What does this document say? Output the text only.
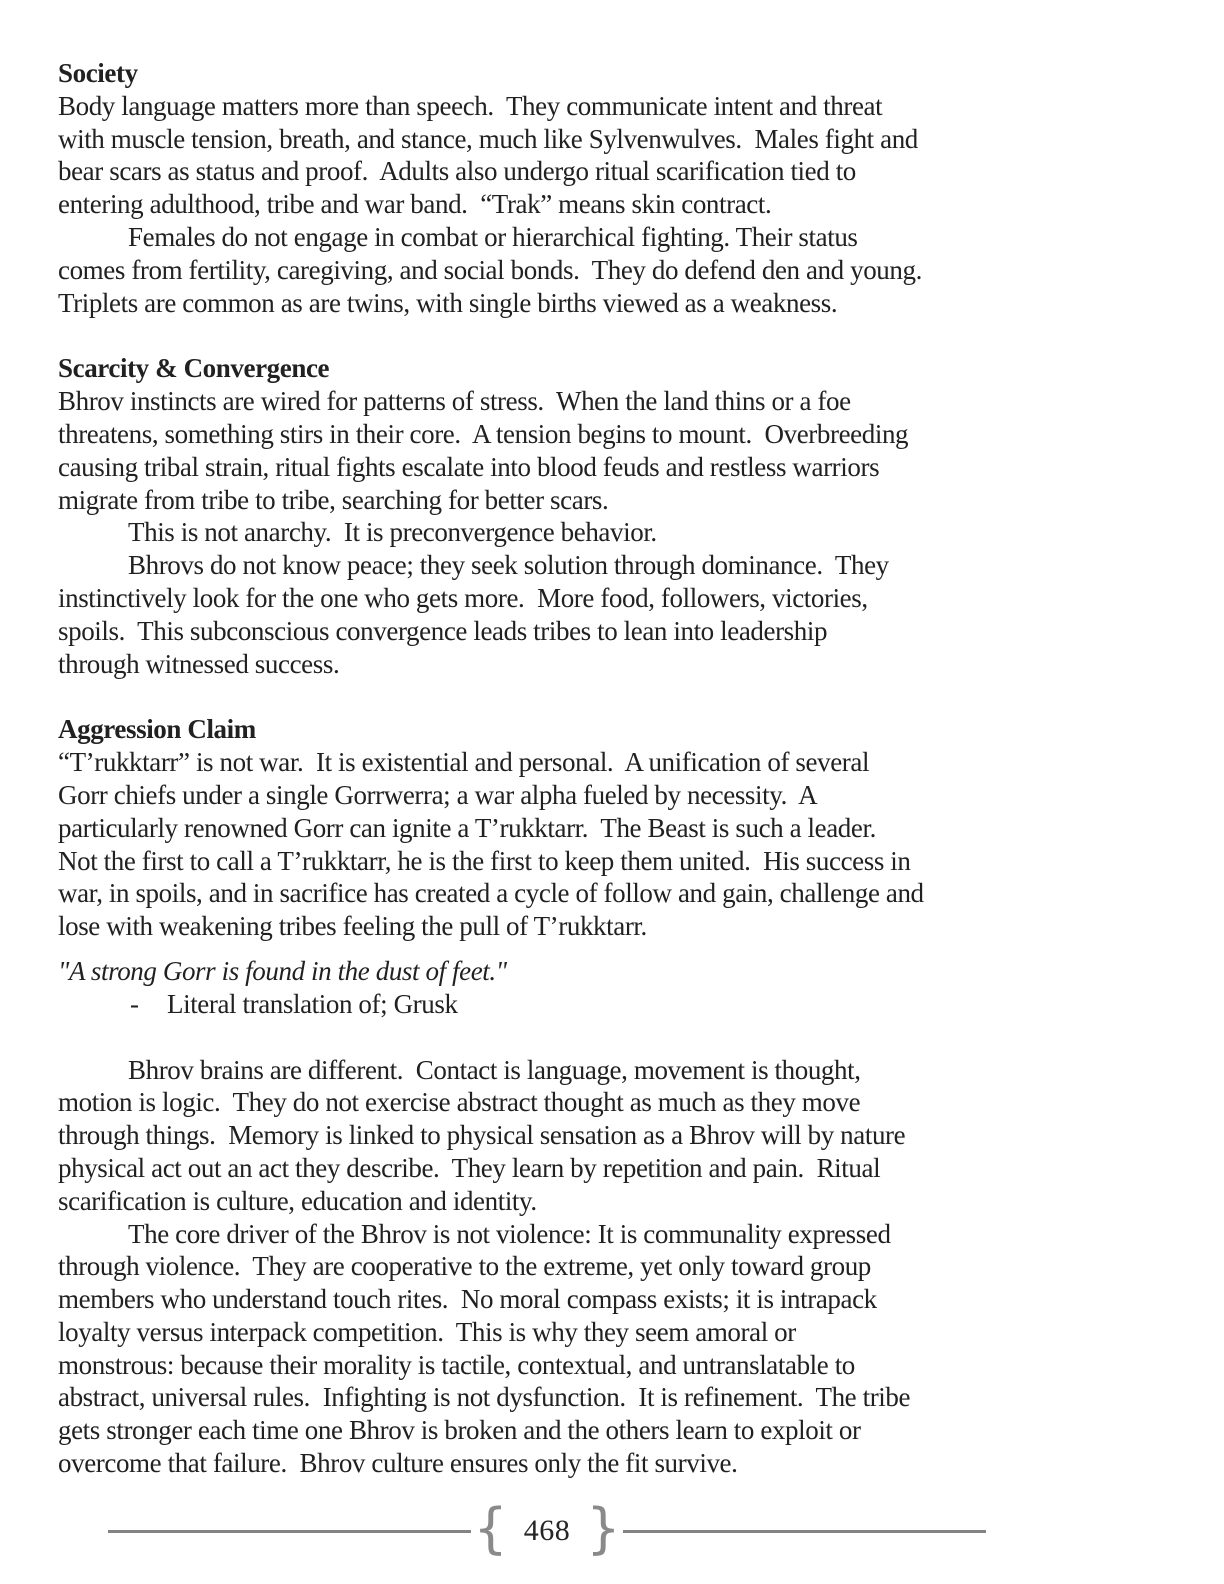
Society
Body language matters more than speech.  They communicate intent and threat
with muscle tension, breath, and stance, much like Sylvenwulves.  Males fight and
bear scars as status and proof.  Adults also undergo ritual scarification tied to
entering adulthood, tribe and war band.  “Trak” means skin contract.
Females do not engage in combat or hierarchical fighting. Their status
comes from fertility, caregiving, and social bonds.  They do defend den and young.
Triplets are common as are twins, with single births viewed as a weakness.
Scarcity & Convergence
Bhrov instincts are wired for patterns of stress.  When the land thins or a foe
threatens, something stirs in their core.  A tension begins to mount.  Overbreeding
causing tribal strain, ritual fights escalate into blood feuds and restless warriors
migrate from tribe to tribe, searching for better scars.
This is not anarchy.  It is preconvergence behavior.
Bhrovs do not know peace; they seek solution through dominance.  They
instinctively look for the one who gets more.  More food, followers, victories,
spoils.  This subconscious convergence leads tribes to lean into leadership
through witnessed success.
Aggression Claim
“T’rukktarr” is not war.  It is existential and personal.  A unification of several
Gorr chiefs under a single Gorrwerra; a war alpha fueled by necessity.  A
particularly renowned Gorr can ignite a T’rukktarr.  The Beast is such a leader.
Not the first to call a T’rukktarr, he is the first to keep them united.  His success in
war, in spoils, and in sacrifice has created a cycle of follow and gain, challenge and
lose with weakening tribes feeling the pull of T’rukktarr.
"A strong Gorr is found in the dust of feet."
- Literal translation of; Grusk
Bhrov brains are different.  Contact is language, movement is thought,
motion is logic.  They do not exercise abstract thought as much as they move
through things.  Memory is linked to physical sensation as a Bhrov will by nature
physical act out an act they describe.  They learn by repetition and pain.  Ritual
scarification is culture, education and identity.
The core driver of the Bhrov is not violence: It is communality expressed
through violence.  They are cooperative to the extreme, yet only toward group
members who understand touch rites.  No moral compass exists; it is intrapack
loyalty versus interpack competition.  This is why they seem amoral or
monstrous: because their morality is tactile, contextual, and untranslatable to
abstract, universal rules.  Infighting is not dysfunction.  It is refinement.  The tribe
gets stronger each time one Bhrov is broken and the others learn to exploit or
overcome that failure.  Bhrov culture ensures only the fit survive.
{ 468 }
